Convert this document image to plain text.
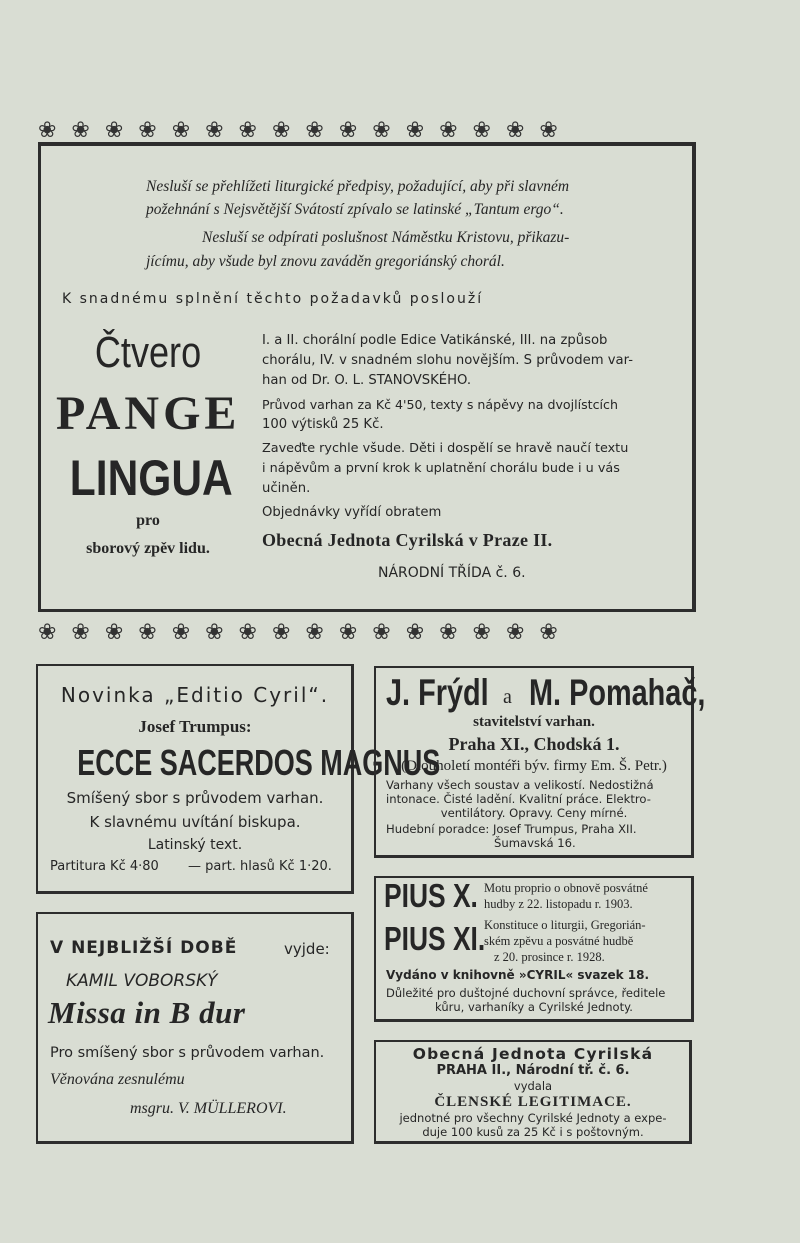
❀ ❀ ❀ ❀ ❀ ❀ ❀ ❀ ❀ ❀ ❀ ❀ ❀ ❀ ❀ ❀
Nesluší se přehlížeti liturgické předpisy, požadující, aby při slavném
požehnání s Nejsvětější Svátostí zpívalo se latinské „Tantum ergo“.
Nesluší se odpírati poslušnost Náměstku Kristovu, přikazu-
jícímu, aby všude byl znovu zaváděn gregoriánský chorál.
K snadnému splnění těchto požadavků poslouží
Čtvero
PANGE
LINGUA
pro
sborový zpěv lidu.
I. a II. chorální podle Edice Vatikánské, III. na způsob
chorálu, IV. v snadném slohu novějším. S průvodem var-
han od Dr. O. L. STANOVSKÉHO.
Průvod varhan za Kč 4'50, texty s nápěvy na dvojlístcích
100 výtisků 25 Kč.
Zaveďte rychle všude. Děti i dospělí se hravě naučí textu
i nápěvům a první krok k uplatnění chorálu bude i u vás
učiněn.
Objednávky vyřídí obratem
Obecná Jednota Cyrilská v Praze II.
NÁRODNÍ TŘÍDA č. 6.
❀ ❀ ❀ ❀ ❀ ❀ ❀ ❀ ❀ ❀ ❀ ❀ ❀ ❀ ❀ ❀
Novinka „Editio Cyril“.
Josef Trumpus:
ECCE SACERDOS MAGNUS
Smíšený sbor s průvodem varhan.
K slavnému uvítání biskupa.
Latinský text.
Partitura Kč 4·80 — part. hlasů Kč 1·20.
J. Frýdl a M. Pomahač,
stavitelství varhan.
Praha XI., Chodská 1.
(Dlouholetí montéři býv. firmy Em. Š. Petr.)
Varhany všech soustav a velikostí. Nedostižná
intonace. Čisté ladění. Kvalitní práce. Elektro-
ventilátory. Opravy. Ceny mírné.
Hudební poradce: Josef Trumpus, Praha XII.
Šumavská 16.
PIUS X. Motu proprio o obnově posvátné
hudby z 22. listopadu r. 1903.
PIUS XI.
Konstituce o liturgii, Gregorián-
ském zpěvu a posvátné hudbě
z 20. prosince r. 1928.
Vydáno v knihovně »CYRIL« svazek 18.
Důležité pro duštojné duchovní správce, ředitele
kůru, varhaníky a Cyrilské Jednoty.
V NEJBLIŽŠÍ DOBĚ	vyjde:
KAMIL VOBORSKÝ
Missa in B dur
Pro smíšený sbor s průvodem varhan.
Věnována zesnulému
msgru. V. MÜLLEROVI.
Obecná Jednota Cyrilská
PRAHA II., Národní tř. č. 6.
vydala
ČLENSKÉ LEGITIMACE.
jednotné pro všechny Cyrilské Jednoty a expe-
duje 100 kusů za 25 Kč i s poštovným.
